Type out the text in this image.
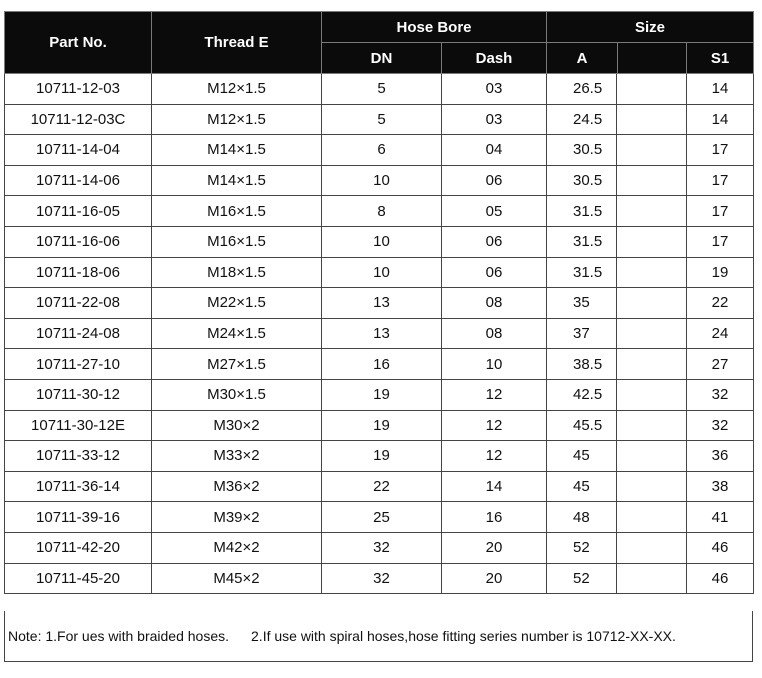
Part No.	Thread E	Hose Bore		Size		
		DN	Dash	A		S1
10711-12-03	M12×1.5	5	03	26.5		14
10711-12-03C	M12×1.5	5	03	24.5		14
10711-14-04	M14×1.5	6	04	30.5		17
10711-14-06	M14×1.5	10	06	30.5		17
10711-16-05	M16×1.5	8	05	31.5		17
10711-16-06	M16×1.5	10	06	31.5		17
10711-18-06	M18×1.5	10	06	31.5		19
10711-22-08	M22×1.5	13	08	35		22
10711-24-08	M24×1.5	13	08	37		24
10711-27-10	M27×1.5	16	10	38.5		27
10711-30-12	M30×1.5	19	12	42.5		32
10711-30-12E	M30×2	19	12	45.5		32
10711-33-12	M33×2	19	12	45		36
10711-36-14	M36×2	22	14	45		38
10711-39-16	M39×2	25	16	48		41
10711-42-20	M42×2	32	20	52		46
10711-45-20	M45×2	32	20	52		46
Note: 1.For ues with braided hoses. 2.If use with spiral hoses,hose fitting series number is 10712-XX-XX.
